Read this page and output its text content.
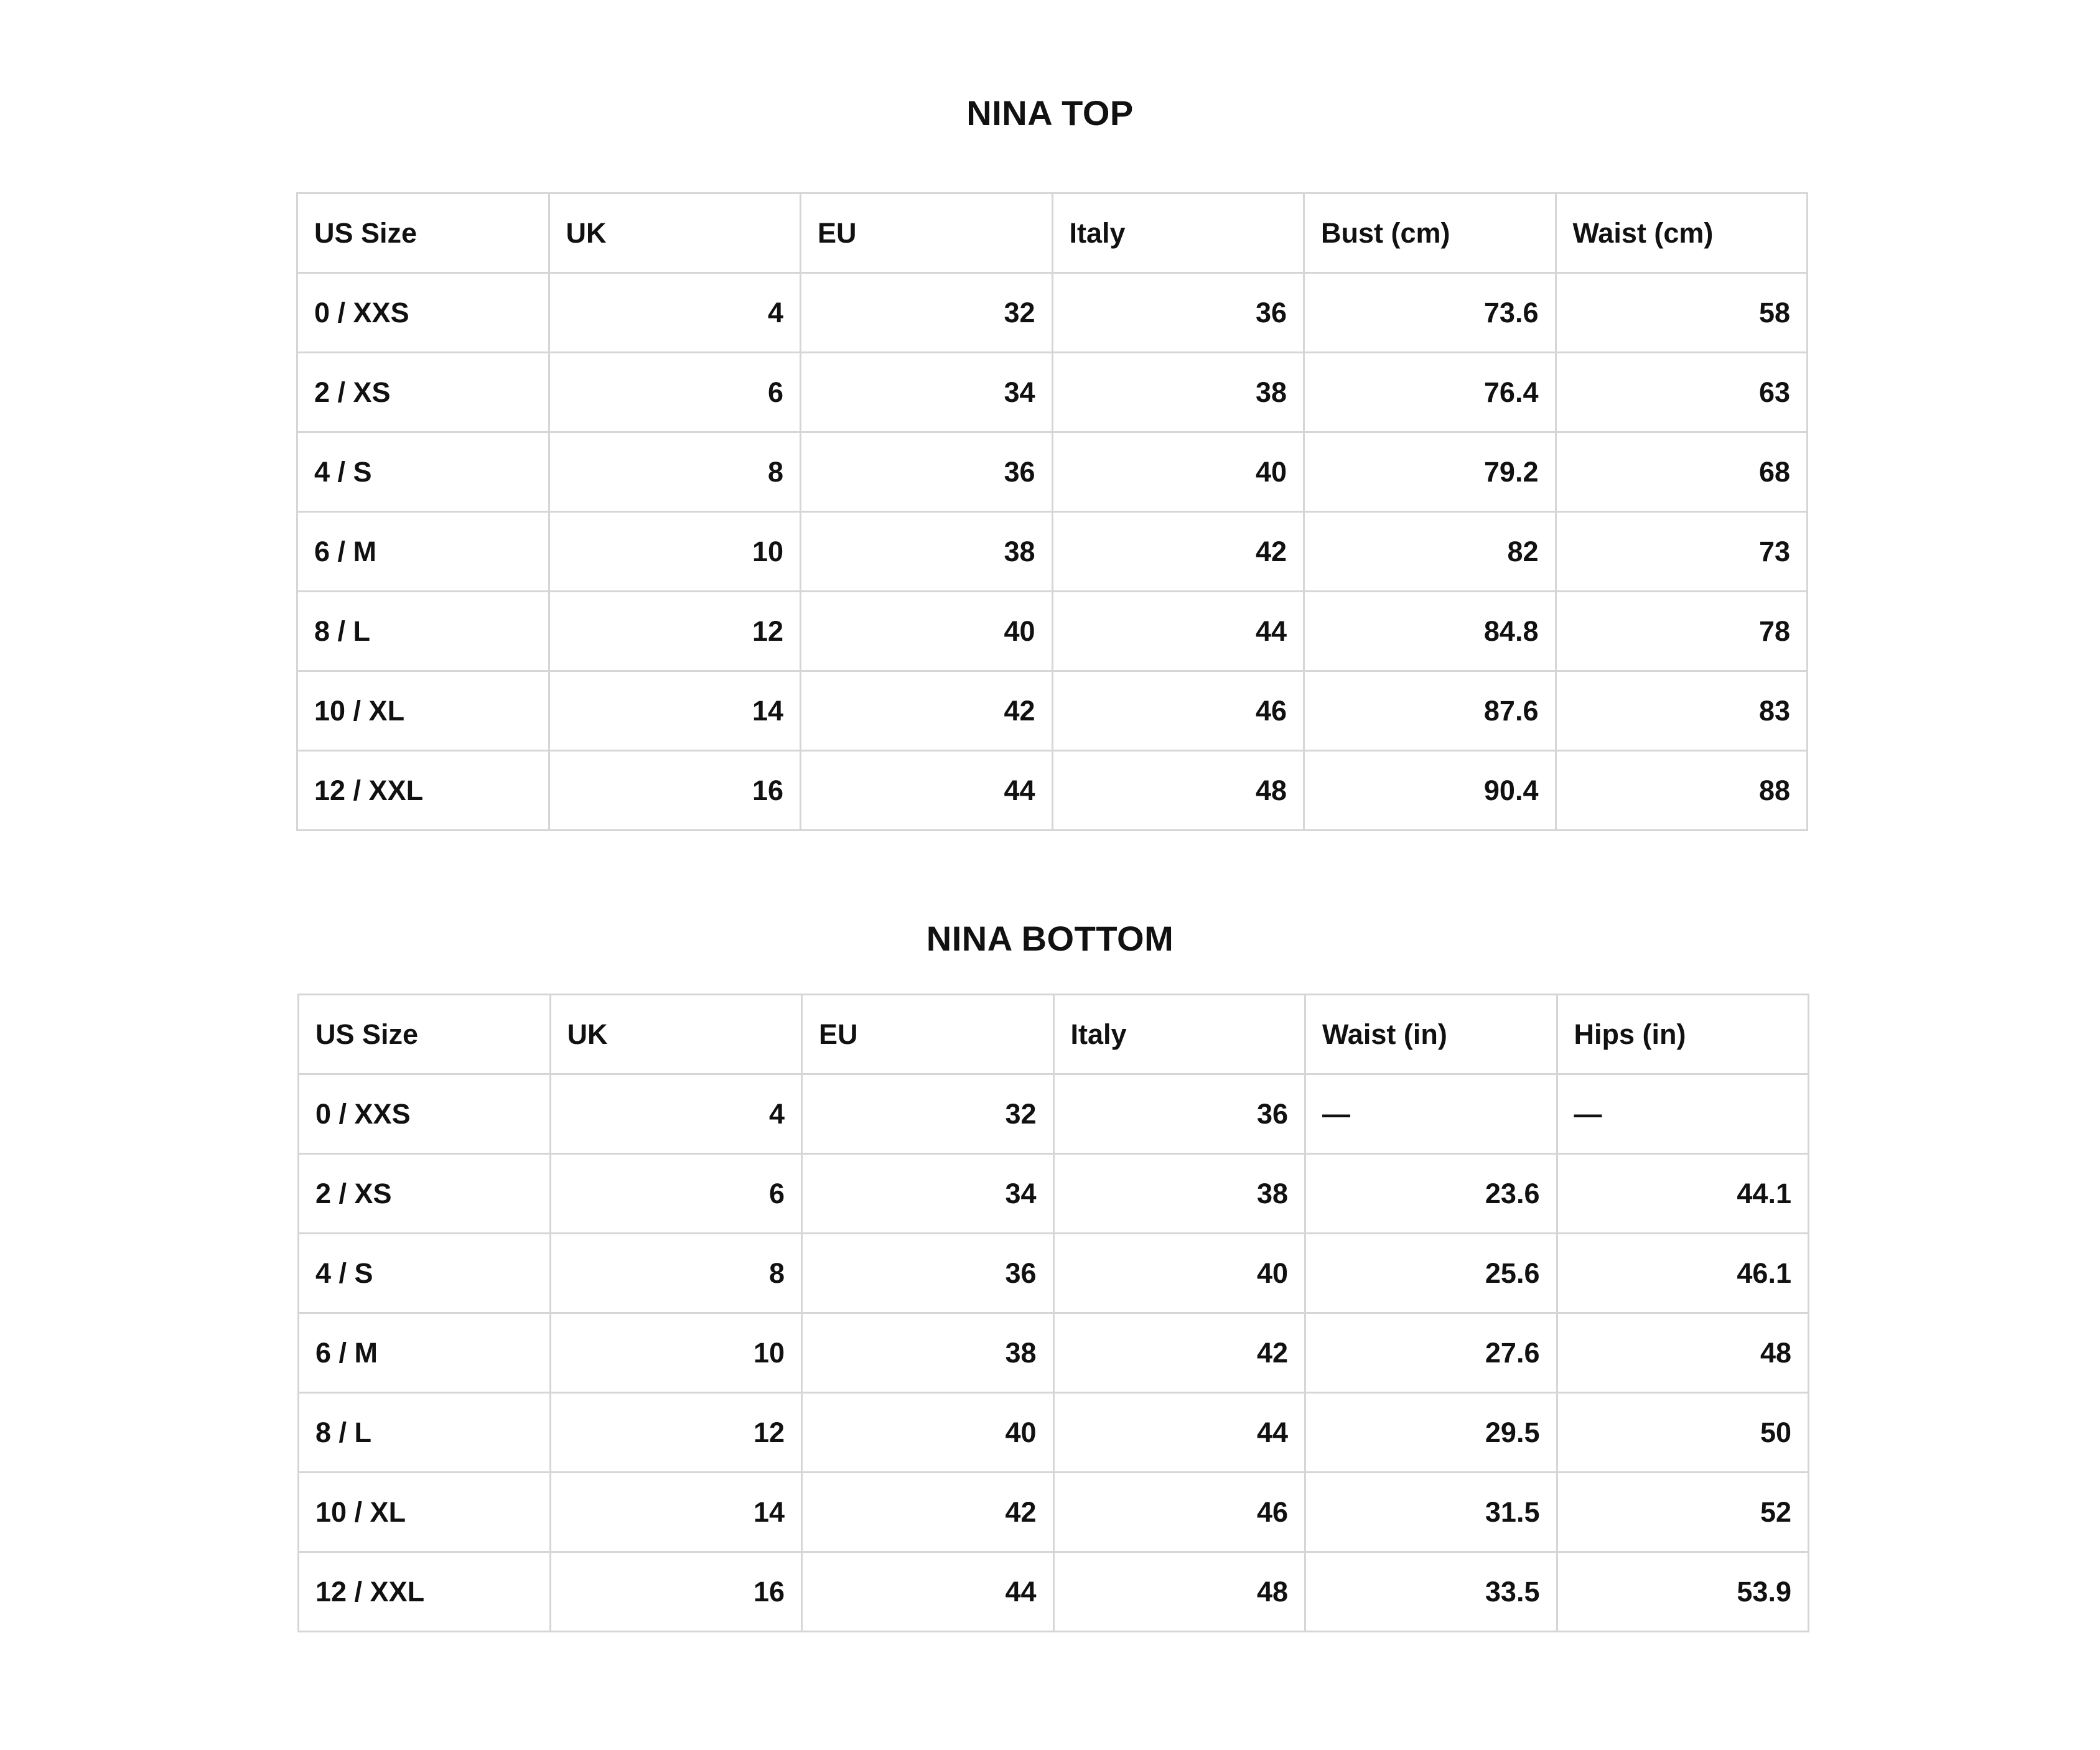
NINA TOP
US Size	UK	EU	Italy	Bust (cm)	Waist (cm)
0 / XXS	4	32	36	73.6	58
2 / XS	6	34	38	76.4	63
4 / S	8	36	40	79.2	68
6 / M	10	38	42	82	73
8 / L	12	40	44	84.8	78
10 / XL	14	42	46	87.6	83
12 / XXL	16	44	48	90.4	88
NINA BOTTOM
US Size	UK	EU	Italy	Waist (in)	Hips (in)
0 / XXS	4	32	36	—	—
2 / XS	6	34	38	23.6	44.1
4 / S	8	36	40	25.6	46.1
6 / M	10	38	42	27.6	48
8 / L	12	40	44	29.5	50
10 / XL	14	42	46	31.5	52
12 / XXL	16	44	48	33.5	53.9
